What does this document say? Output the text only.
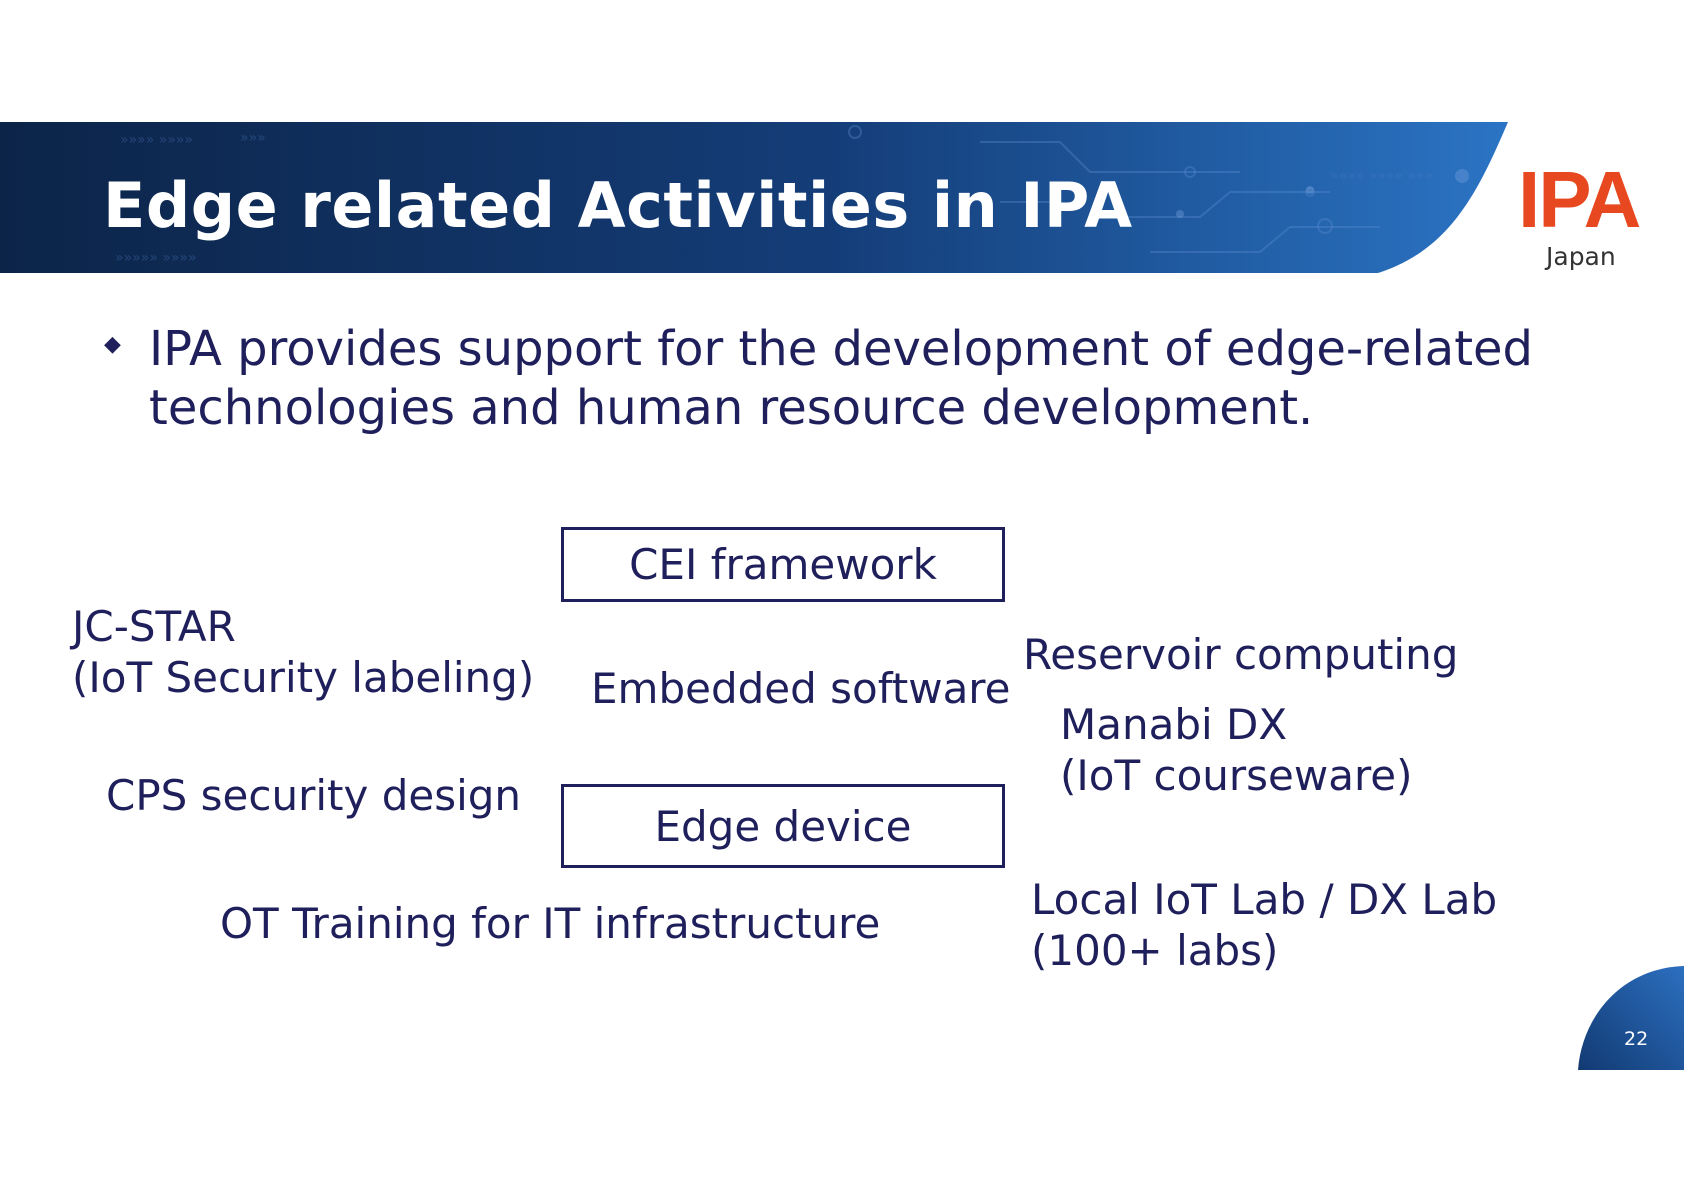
»»»» »»»»	»»»
»»»»» »»»»
»»»» »»»» »»»
Edge related Activities in IPA	IPA
Japan
◆ IPA provides support for the development of edge-related technologies and human resource development.

CEI framework

Embedded software

Edge device
JC-STAR
(IoT Security labeling)

CPS security design

OT Training for IT infrastructure

Reservoir computing

Manabi DX
(IoT courseware)
Local IoT Lab / DX Lab
(100+ labs)
22
